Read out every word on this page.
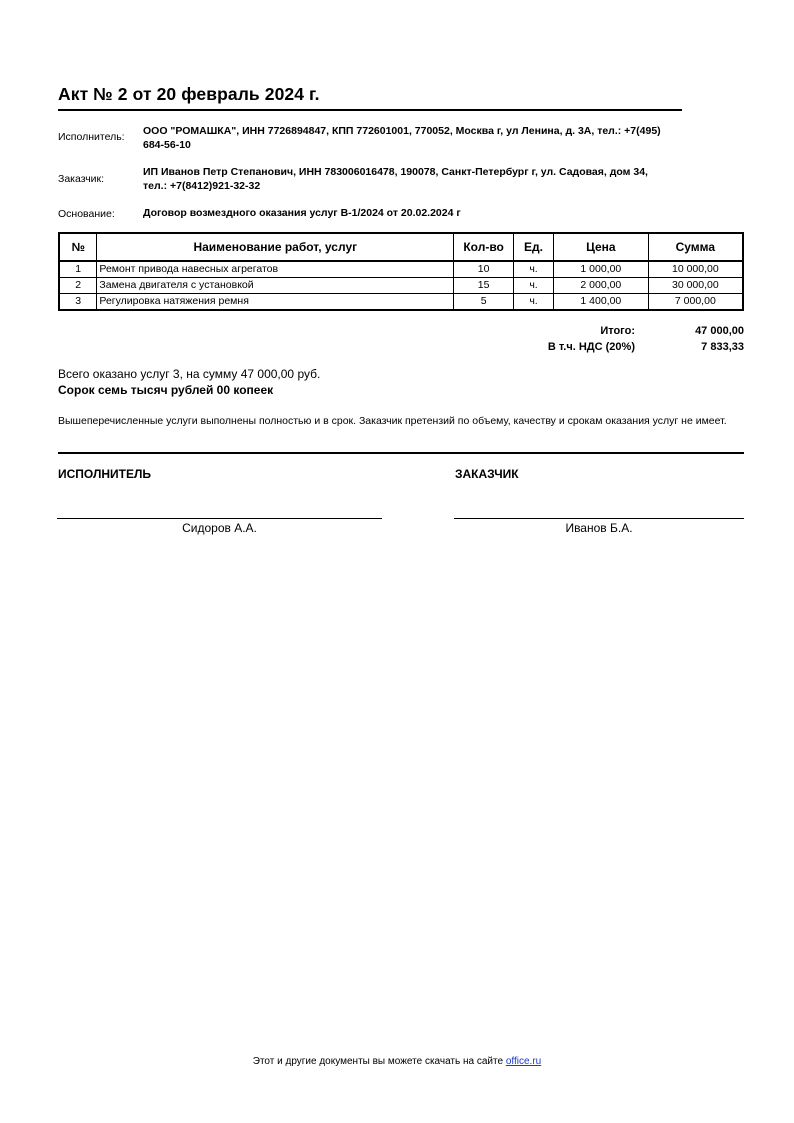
Акт № 2 от 20 февраль 2024 г.
Исполнитель: ООО "РОМАШКА", ИНН 7726894847, КПП 772601001, 770052, Москва г, ул Ленина, д. 3А, тел.: +7(495) 684-56-10
Заказчик:
ИП Иванов Петр Степанович, ИНН 783006016478, 190078, Санкт-Петербург г, ул. Садовая, дом 34, тел.: +7(8412)921-32-32
Основание:	Договор возмездного оказания услуг В-1/2024 от 20.02.2024 г
№	Наименование работ, услуг	Кол-во	Ед.	Цена	Сумма
1	Ремонт привода навесных агрегатов	10	ч.	1 000,00	10 000,00
2	Замена двигателя с установкой	15	ч.	2 000,00	30 000,00
3	Регулировка натяжения ремня	5	ч.	1 400,00	7 000,00
Итого:	47 000,00
В т.ч. НДС (20%)	7 833,33
Всего оказано услуг 3, на сумму 47 000,00 руб.
Сорок семь тысяч рублей 00 копеек
Вышеперечисленные услуги выполнены полностью и в срок. Заказчик претензий по объему, качеству и срокам оказания услуг не имеет.
ИСПОЛНИТЕЛЬ
Сидоров А.А.
ЗАКАЗЧИК
Иванов Б.А.
Этот и другие документы вы можете скачать на сайте office.ru
